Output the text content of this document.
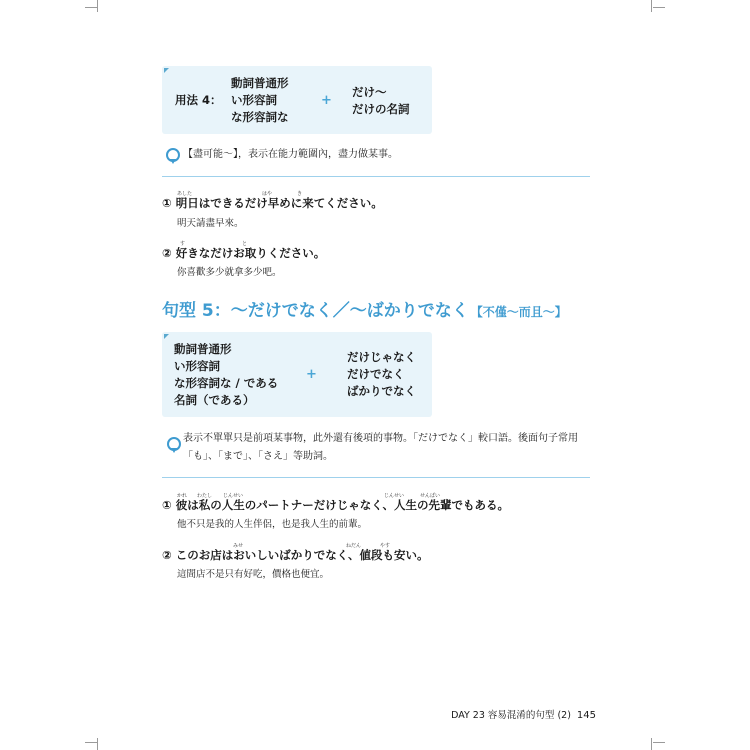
用法 4：
動詞普通形
い形容詞
な形容詞な
+
だけ～
だけの名詞
【盡可能～】，表示在能力範圍內，盡力做某事。
① 明日はできるだけ早めに来てください。
あした	はや	き
明天請盡早來。
② 好きなだけお取りください。
す	と
你喜歡多少就拿多少吧。
句型 5：～だけでなく／～ばかりでなく 【不僅～而且～】
動詞普通形
い形容詞
な形容詞な / である
名詞（である）
+
だけじゃなく
だけでなく
ばかりでなく
表示不單單只是前項某事物，此外還有後項的事物。「だけでなく」較口語。後面句子常用
「も」、「まで」、「さえ」等助詞。
① 彼は私の人生のパートナーだけじゃなく、人生の先輩でもある。
かれ わたし じんせい	じんせい	せんぱい
他不只是我的人生伴侶，也是我人生的前輩。
② このお店はおいしいばかりでなく、値段も安い。
みせ	ねだん	やす
這間店不是只有好吃，價格也便宜。
DAY 23 容易混淆的句型 (2) 145
